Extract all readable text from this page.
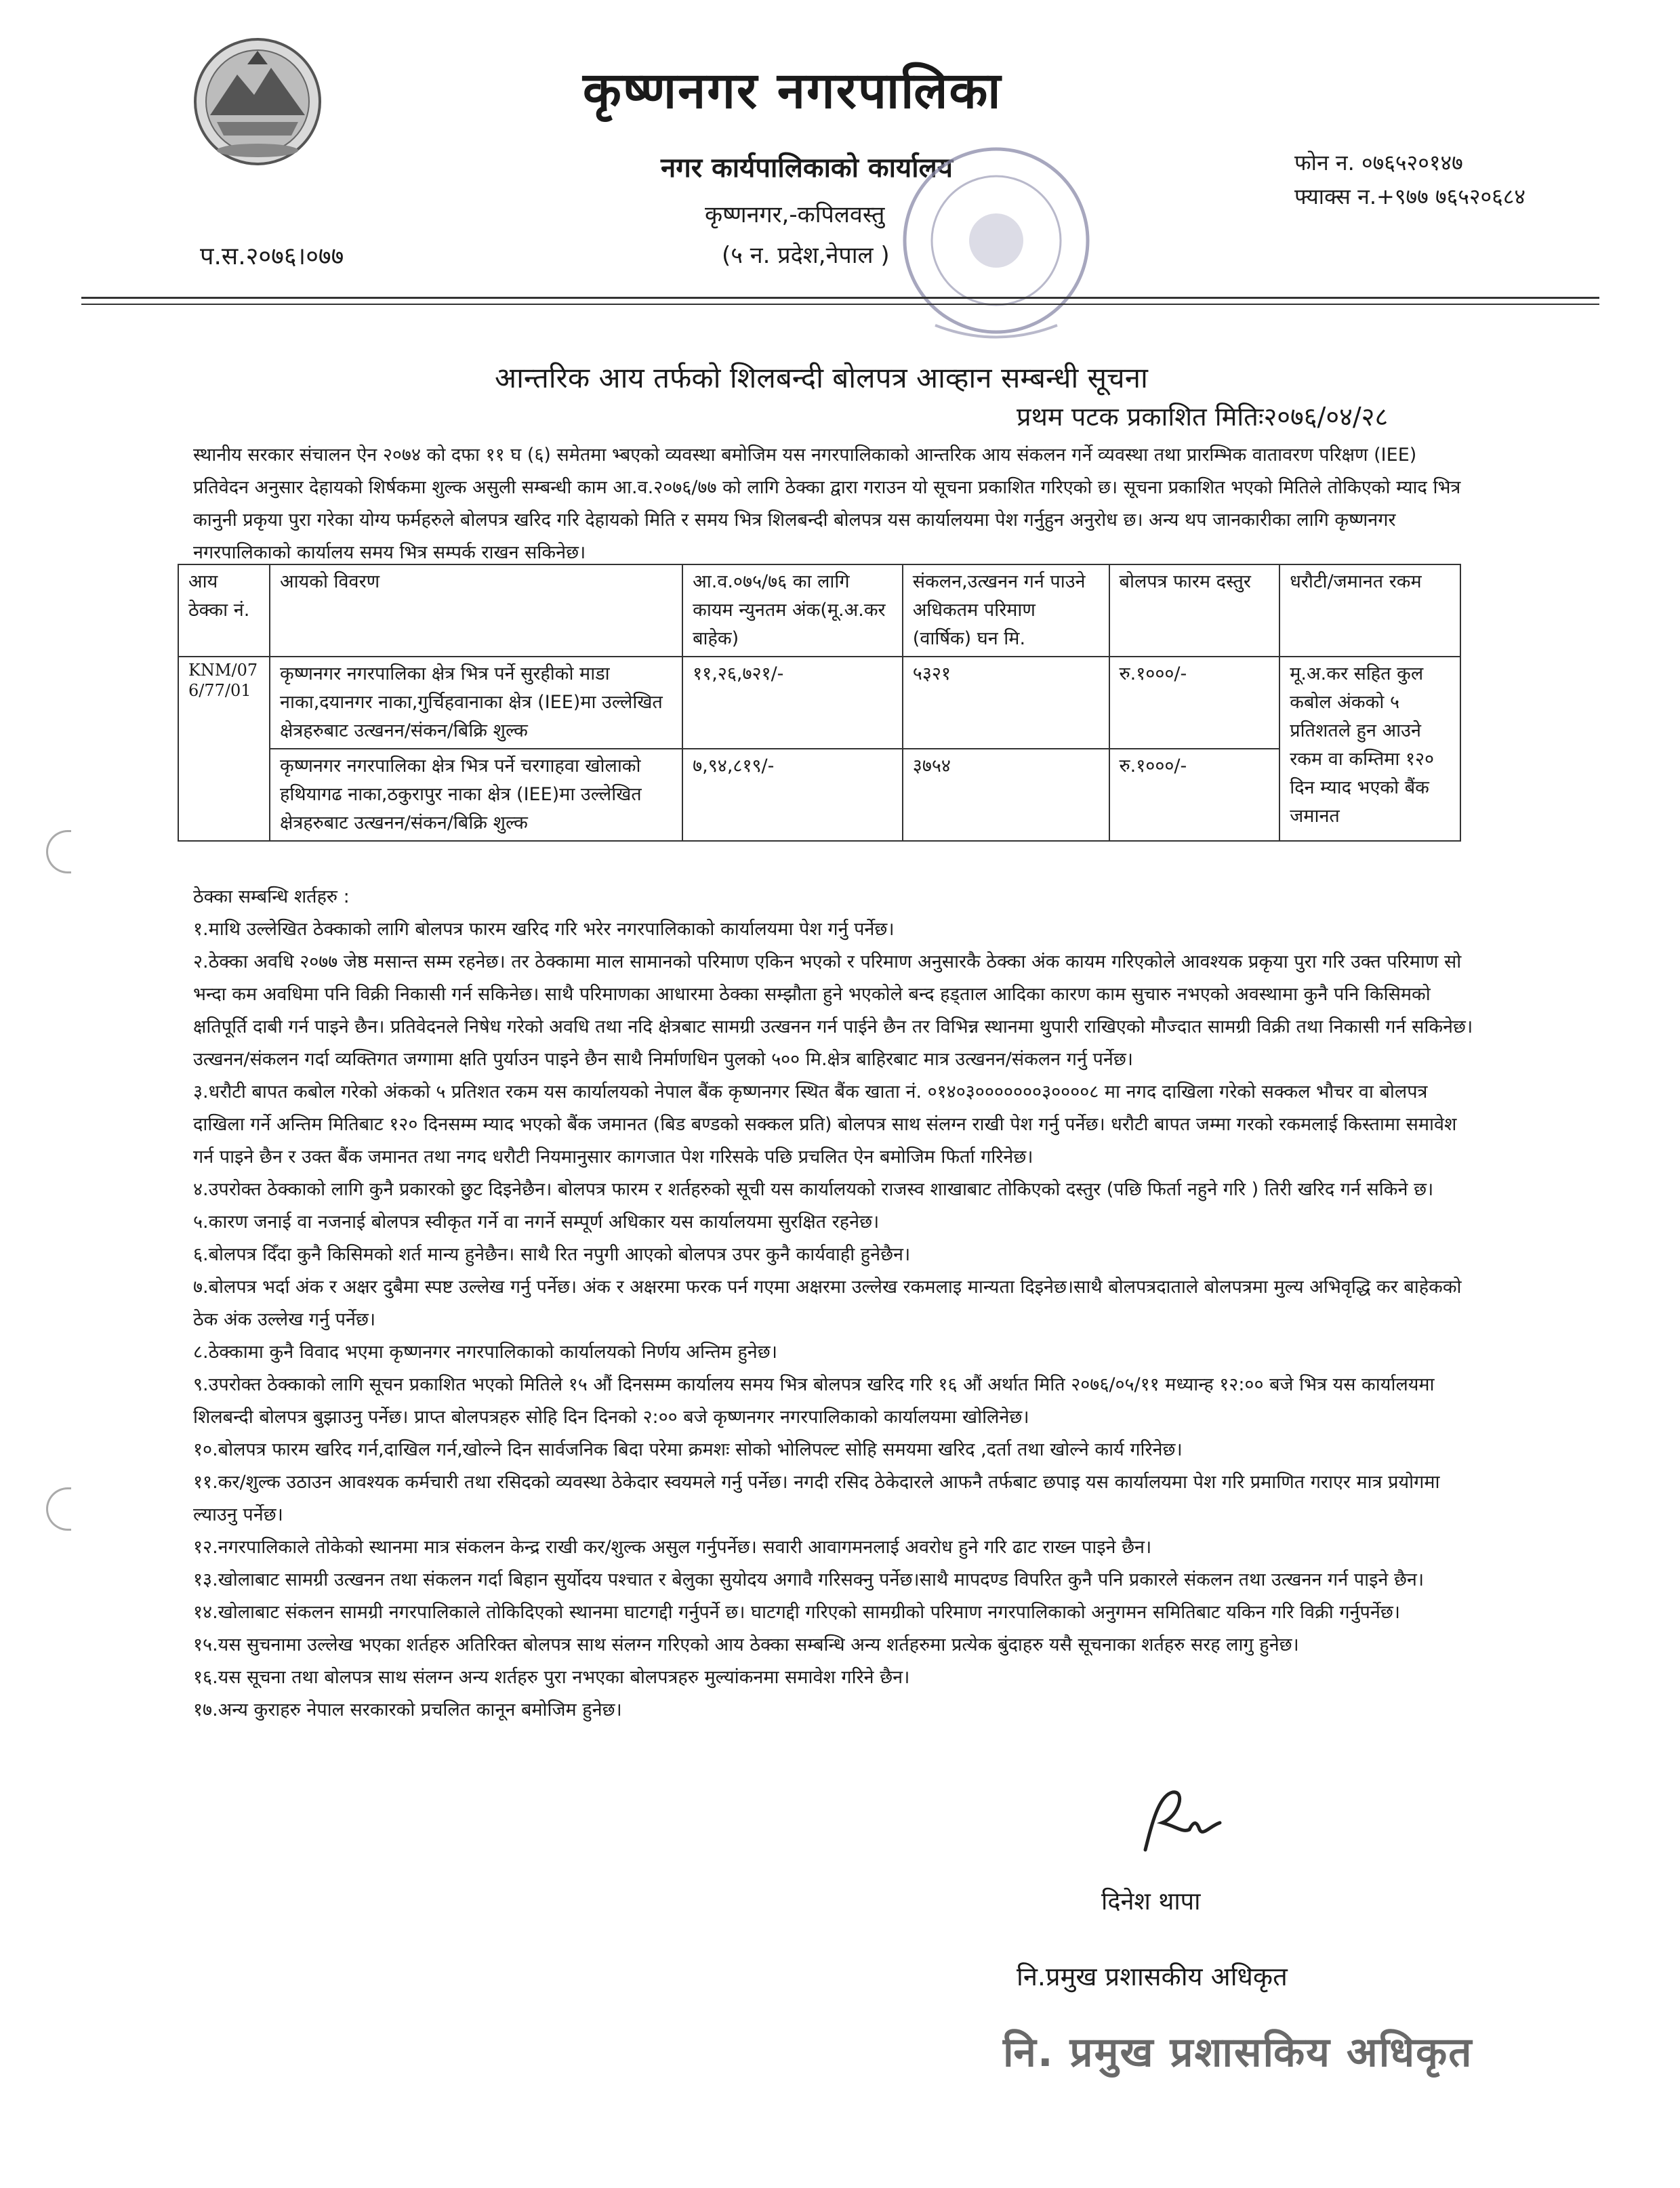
कृष्णनगर नगरपालिका
नगर कार्यपालिकाको कार्यालय
कृष्णनगर,-कपिलवस्तु
(५ न. प्रदेश,नेपाल )
प.स.२०७६।०७७
फोन न. ०७६५२०१४७
फ्याक्स न.+९७७ ७६५२०६८४
आन्तरिक आय तर्फको शिलबन्दी बोलपत्र आव्हान सम्बन्धी सूचना
प्रथम पटक प्रकाशित मितिः२०७६/०४/२८
स्थानीय सरकार संचालन ऐन २०७४ को दफा ११ घ (६) समेतमा भ्बएको व्यवस्था बमोजिम यस नगरपालिकाको आन्तरिक आय संकलन गर्ने व्यवस्था तथा प्रारम्भिक वातावरण परिक्षण (IEE) प्रतिवेदन अनुसार देहायको शिर्षकमा शुल्क असुली सम्बन्धी काम आ.व.२०७६/७७ को लागि ठेक्का द्वारा गराउन यो सूचना प्रकाशित गरिएको छ। सूचना प्रकाशित भएको मितिले तोकिएको म्याद भित्र कानुनी प्रकृया पुरा गरेका योग्य फर्महरुले बोलपत्र खरिद गरि देहायको मिति र समय भित्र शिलबन्दी बोलपत्र यस कार्यालयमा पेश गर्नुहुन अनुरोध छ। अन्य थप जानकारीका लागि कृष्णनगर नगरपालिकाको कार्यालय समय भित्र सम्पर्क राखन सकिनेछ।
आय ठेक्का नं.	आयको विवरण	आ.व.०७५/७६ का लागि कायम न्युनतम अंक(मू.अ.कर बाहेक)	संकलन,उत्खनन गर्न पाउने अधिकतम परिमाण (वार्षिक) घन मि.	बोलपत्र फारम दस्तुर	धरौटी/जमानत रकम
KNM/07 6/77/01	कृष्णनगर नगरपालिका क्षेत्र भित्र पर्ने सुरहीको माडा नाका,दयानगर नाका,गुर्चिहवानाका क्षेत्र (IEE)मा उल्लेखित क्षेत्रहरुबाट उत्खनन/संकन/बिक्रि शुल्क	११,२६,७२१/-	५३२१	रु.१०००/-	मू.अ.कर सहित कुल कबोल अंकको ५ प्रतिशतले हुन आउने रकम वा कम्तिमा १२० दिन म्याद भएको बैंक जमानत
	कृष्णनगर नगरपालिका क्षेत्र भित्र पर्ने चरगाहवा खोलाको हथियागढ नाका,ठकुरापुर नाका क्षेत्र (IEE)मा उल्लेखित क्षेत्रहरुबाट उत्खनन/संकन/बिक्रि शुल्क	७,९४,८१९/-	३७५४	रु.१०००/-	

ठेक्का सम्बन्धि शर्तहरु :

१.माथि उल्लेखित ठेक्काको लागि बोलपत्र फारम खरिद गरि भरेर नगरपालिकाको कार्यालयमा पेश गर्नु पर्नेछ।

२.ठेक्का अवधि २०७७ जेष्ठ मसान्त सम्म रहनेछ। तर ठेक्कामा माल सामानको परिमाण एकिन भएको र परिमाण अनुसारकै ठेक्का अंक कायम गरिएकोले आवश्यक प्रकृया पुरा गरि उक्त परिमाण सो भन्दा कम अवधिमा पनि विक्री निकासी गर्न सकिनेछ। साथै परिमाणका आधारमा ठेक्का सम्झौता हुने भएकोले बन्द हड्ताल आदिका कारण काम सुचारु नभएको अवस्थामा कुनै पनि किसिमको क्षतिपूर्ति दाबी गर्न पाइने छैन। प्रतिवेदनले निषेध गरेको अवधि तथा नदि क्षेत्रबाट सामग्री उत्खनन गर्न पाईने छैन तर विभिन्न स्थानमा थुपारी राखिएको मौज्दात सामग्री विक्री तथा निकासी गर्न सकिनेछ। उत्खनन/संकलन गर्दा व्यक्तिगत जग्गामा क्षति पुर्याउन पाइने छैन साथै निर्माणधिन पुलको ५०० मि.क्षेत्र बाहिरबाट मात्र उत्खनन/संकलन गर्नु पर्नेछ।

३.धरौटी बापत कबोल गरेको अंकको ५ प्रतिशत रकम यस कार्यालयको नेपाल बैंक कृष्णनगर स्थित बैंक खाता नं. ०१४०३०००००००३००००८ मा नगद दाखिला गरेको सक्कल भौचर वा बोलपत्र दाखिला गर्ने अन्तिम मितिबाट १२० दिनसम्म म्याद भएको बैंक जमानत (बिड बण्डको सक्कल प्रति) बोलपत्र साथ संलग्न राखी पेश गर्नु पर्नेछ। धरौटी बापत जम्मा गरको रकमलाई किस्तामा समावेश गर्न पाइने छैन र उक्त बैंक जमानत तथा नगद धरौटी नियमानुसार कागजात पेश गरिसके पछि प्रचलित ऐन बमोजिम फिर्ता गरिनेछ।

४.उपरोक्त ठेक्काको लागि कुनै प्रकारको छुट दिइनेछैन। बोलपत्र फारम र शर्तहरुको सूची यस कार्यालयको राजस्व शाखाबाट तोकिएको दस्तुर (पछि फिर्ता नहुने गरि ) तिरी खरिद गर्न सकिने छ।

५.कारण जनाई वा नजनाई बोलपत्र स्वीकृत गर्ने वा नगर्ने सम्पूर्ण अधिकार यस कार्यालयमा सुरक्षित रहनेछ।

६.बोलपत्र दिँदा कुनै किसिमको शर्त मान्य हुनेछैन। साथै रित नपुगी आएको बोलपत्र उपर कुनै कार्यवाही हुनेछैन।

७.बोलपत्र भर्दा अंक र अक्षर दुबैमा स्पष्ट उल्लेख गर्नु पर्नेछ। अंक र अक्षरमा फरक पर्न गएमा अक्षरमा उल्लेख रकमलाइ मान्यता दिइनेछ।साथै बोलपत्रदाताले बोलपत्रमा मुल्य अभिवृद्धि कर बाहेकको ठेक अंक उल्लेख गर्नु पर्नेछ।

८.ठेक्कामा कुनै विवाद भएमा कृष्णनगर नगरपालिकाको कार्यालयको निर्णय अन्तिम हुनेछ।

९.उपरोक्त ठेक्काको लागि सूचन प्रकाशित भएको मितिले १५ औं दिनसम्म कार्यालय समय भित्र बोलपत्र खरिद गरि १६ औं अर्थात मिति २०७६/०५/११ मध्यान्ह १२:०० बजे भित्र यस कार्यालयमा शिलबन्दी बोलपत्र बुझाउनु पर्नेछ। प्राप्त बोलपत्रहरु सोहि दिन दिनको २:०० बजे कृष्णनगर नगरपालिकाको कार्यालयमा खोलिनेछ।

१०.बोलपत्र फारम खरिद गर्न,दाखिल गर्न,खोल्ने दिन सार्वजनिक बिदा परेमा क्रमशः सोको भोलिपल्ट सोहि समयमा खरिद ,दर्ता तथा खोल्ने कार्य गरिनेछ।

११.कर/शुल्क उठाउन आवश्यक कर्मचारी तथा रसिदको व्यवस्था ठेकेदार स्वयमले गर्नु पर्नेछ। नगदी रसिद ठेकेदारले आफनै तर्फबाट छपाइ यस कार्यालयमा पेश गरि प्रमाणित गराएर मात्र प्रयोगमा ल्याउनु पर्नेछ।

१२.नगरपालिकाले तोकेको स्थानमा मात्र संकलन केन्द्र राखी कर/शुल्क असुल गर्नुपर्नेछ। सवारी आवागमनलाई अवरोध हुने गरि ढाट राख्न पाइने छैन।

१३.खोलाबाट सामग्री उत्खनन तथा संकलन गर्दा बिहान सुर्योदय पश्चात र बेलुका सुयोदय अगावै गरिसक्नु पर्नेछ।साथै मापदण्ड विपरित कुनै पनि प्रकारले संकलन तथा उत्खनन गर्न पाइने छैन।

१४.खोलाबाट संकलन सामग्री नगरपालिकाले तोकिदिएको स्थानमा घाटगद्दी गर्नुपर्ने छ। घाटगद्दी गरिएको सामग्रीको परिमाण नगरपालिकाको अनुगमन समितिबाट यकिन गरि विक्री गर्नुपर्नेछ।

१५.यस सुचनामा उल्लेख भएका शर्तहरु अतिरिक्त बोलपत्र साथ संलग्न गरिएको आय ठेक्का सम्बन्धि अन्य शर्तहरुमा प्रत्येक बुंदाहरु यसै सूचनाका शर्तहरु सरह लागु हुनेछ।

१६.यस सूचना तथा बोलपत्र साथ संलग्न अन्य शर्तहरु पुरा नभएका बोलपत्रहरु मुल्यांकनमा समावेश गरिने छैन।

१७.अन्य कुराहरु नेपाल सरकारको प्रचलित कानून बमोजिम हुनेछ।

दिनेश थापा
नि.प्रमुख प्रशासकीय अधिकृत
नि. प्रमुख प्रशासकिय अधिकृत
